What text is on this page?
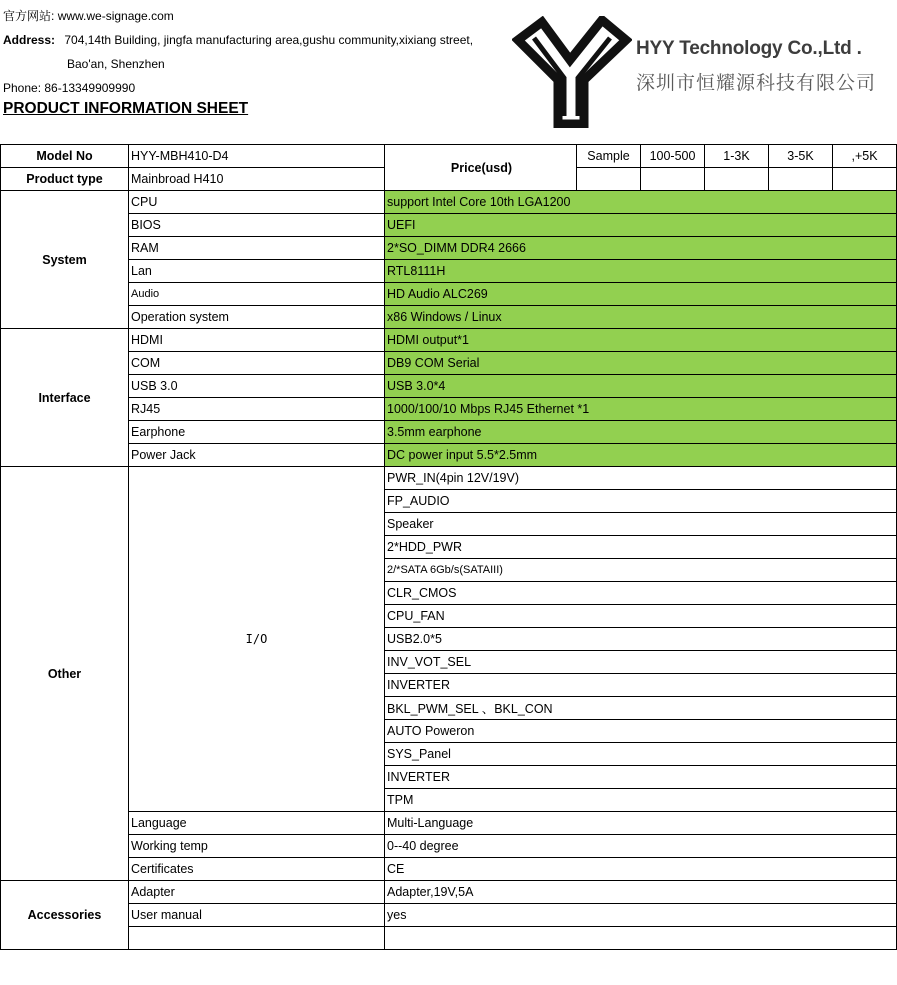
官方网站: www.we-signage.com
Address: 704,14th Building, jingfa manufacturing area,gushu community,xixiang street,
Bao'an, Shenzhen
Phone: 86-13349909990
PRODUCT INFORMATION SHEET
HYY Technology Co.,Ltd .
深圳市恒耀源科技有限公司
Model No	HYY-MBH410-D4	Price(usd)	Sample	100-500	1-3K	3-5K	,+5K
Product type	Mainbroad H410						
System	CPU	support Intel Core 10th LGA1200					
	BIOS	UEFI					
	RAM	2*SO_DIMM DDR4 2666					
	Lan	RTL8111H					
	Audio	HD Audio ALC269					
	Operation system	x86 Windows / Linux					
Interface	HDMI	HDMI output*1					
	COM	DB9 COM Serial					
	USB 3.0	USB 3.0*4					
	RJ45	1000/100/10 Mbps RJ45 Ethernet *1					
	Earphone	3.5mm earphone					
	Power Jack	DC power input 5.5*2.5mm					
Other	I/O	PWR_IN(4pin 12V/19V)					
		FP_AUDIO					
		Speaker					
		2*HDD_PWR					
		2/*SATA 6Gb/s(SATAIII)					
		CLR_CMOS					
		CPU_FAN					
		USB2.0*5					
		INV_VOT_SEL					
		INVERTER					
		BKL_PWM_SEL 、BKL_CON					
		AUTO Poweron					
		SYS_Panel					
		INVERTER					
		TPM					
	Language	Multi-Language					
	Working temp	0--40 degree					
	Certificates	CE					
Accessories	Adapter	Adapter,19V,5A					
	User manual	yes					
